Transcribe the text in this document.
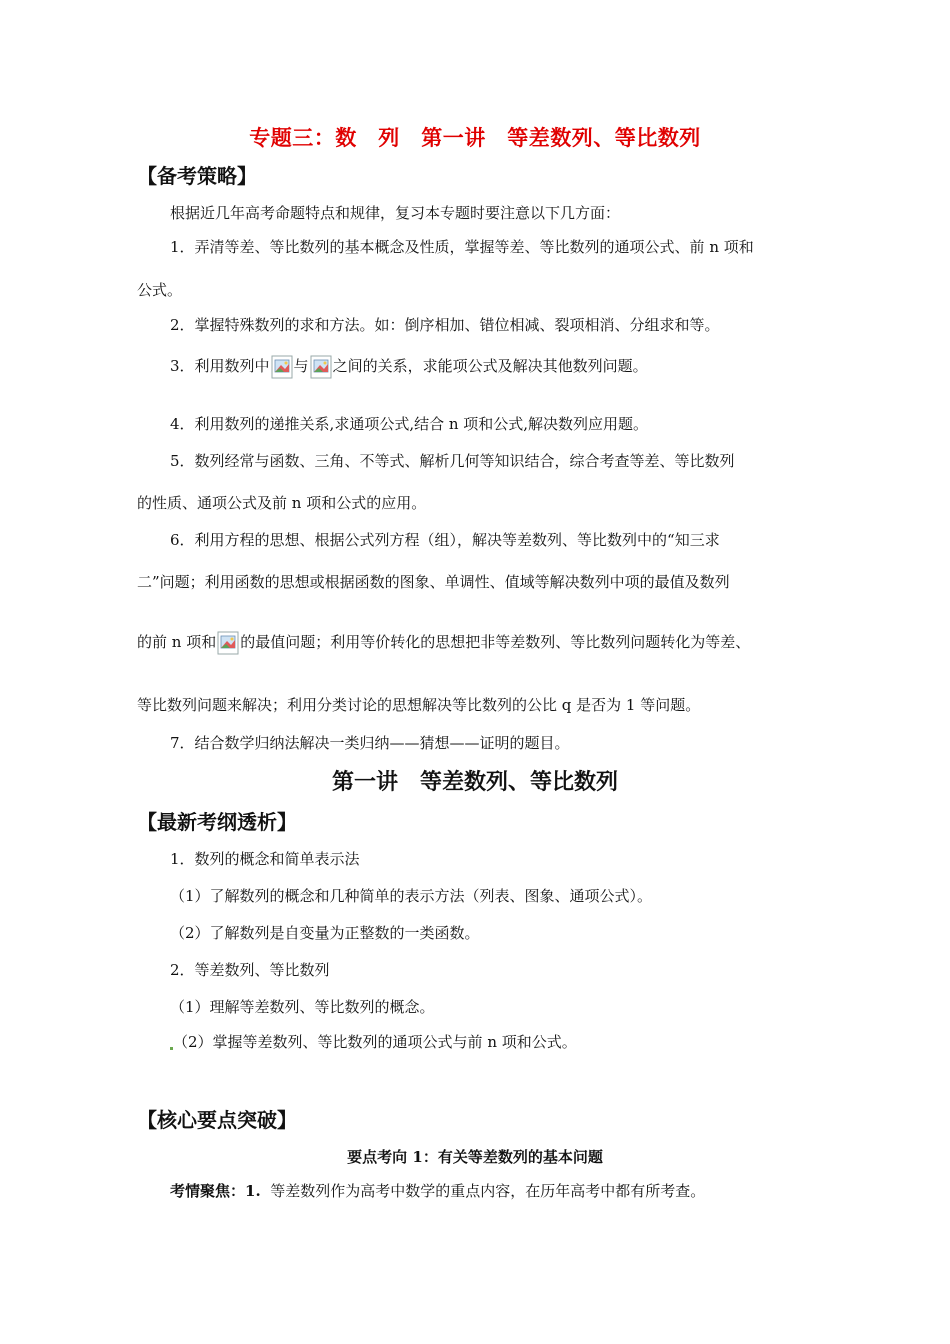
专题三：数　列　第一讲　等差数列、等比数列
【备考策略】
根据近几年高考命题特点和规律，复习本专题时要注意以下几方面：
1．弄清等差、等比数列的基本概念及性质，掌握等差、等比数列的通项公式、前 n 项和
公式。
2．掌握特殊数列的求和方法。如：倒序相加、错位相减、裂项相消、分组求和等。
3．利用数列中 与 之间的关系，求能项公式及解决其他数列问题。
4．利用数列的递推关系,求通项公式,结合 n 项和公式,解决数列应用题。
5．数列经常与函数、三角、不等式、解析几何等知识结合，综合考查等差、等比数列
的性质、通项公式及前 n 项和公式的应用。
6．利用方程的思想、根据公式列方程（组），解决等差数列、等比数列中的“知三求
二”问题；利用函数的思想或根据函数的图象、单调性、值域等解决数列中项的最值及数列
的前 n 项和 的最值问题；利用等价转化的思想把非等差数列、等比数列问题转化为等差、
等比数列问题来解决；利用分类讨论的思想解决等比数列的公比 q 是否为 1 等问题。
7．结合数学归纳法解决一类归纳——猜想——证明的题目。
第一讲　等差数列、等比数列
【最新考纲透析】
1．数列的概念和简单表示法
（1）了解数列的概念和几种简单的表示方法（列表、图象、通项公式）。
（2）了解数列是自变量为正整数的一类函数。
2．等差数列、等比数列
（1）理解等差数列、等比数列的概念。
（2）掌握等差数列、等比数列的通项公式与前 n 项和公式。
【核心要点突破】
要点考向 1：有关等差数列的基本问题
考情聚焦：1. 等差数列作为高考中数学的重点内容，在历年高考中都有所考查。
